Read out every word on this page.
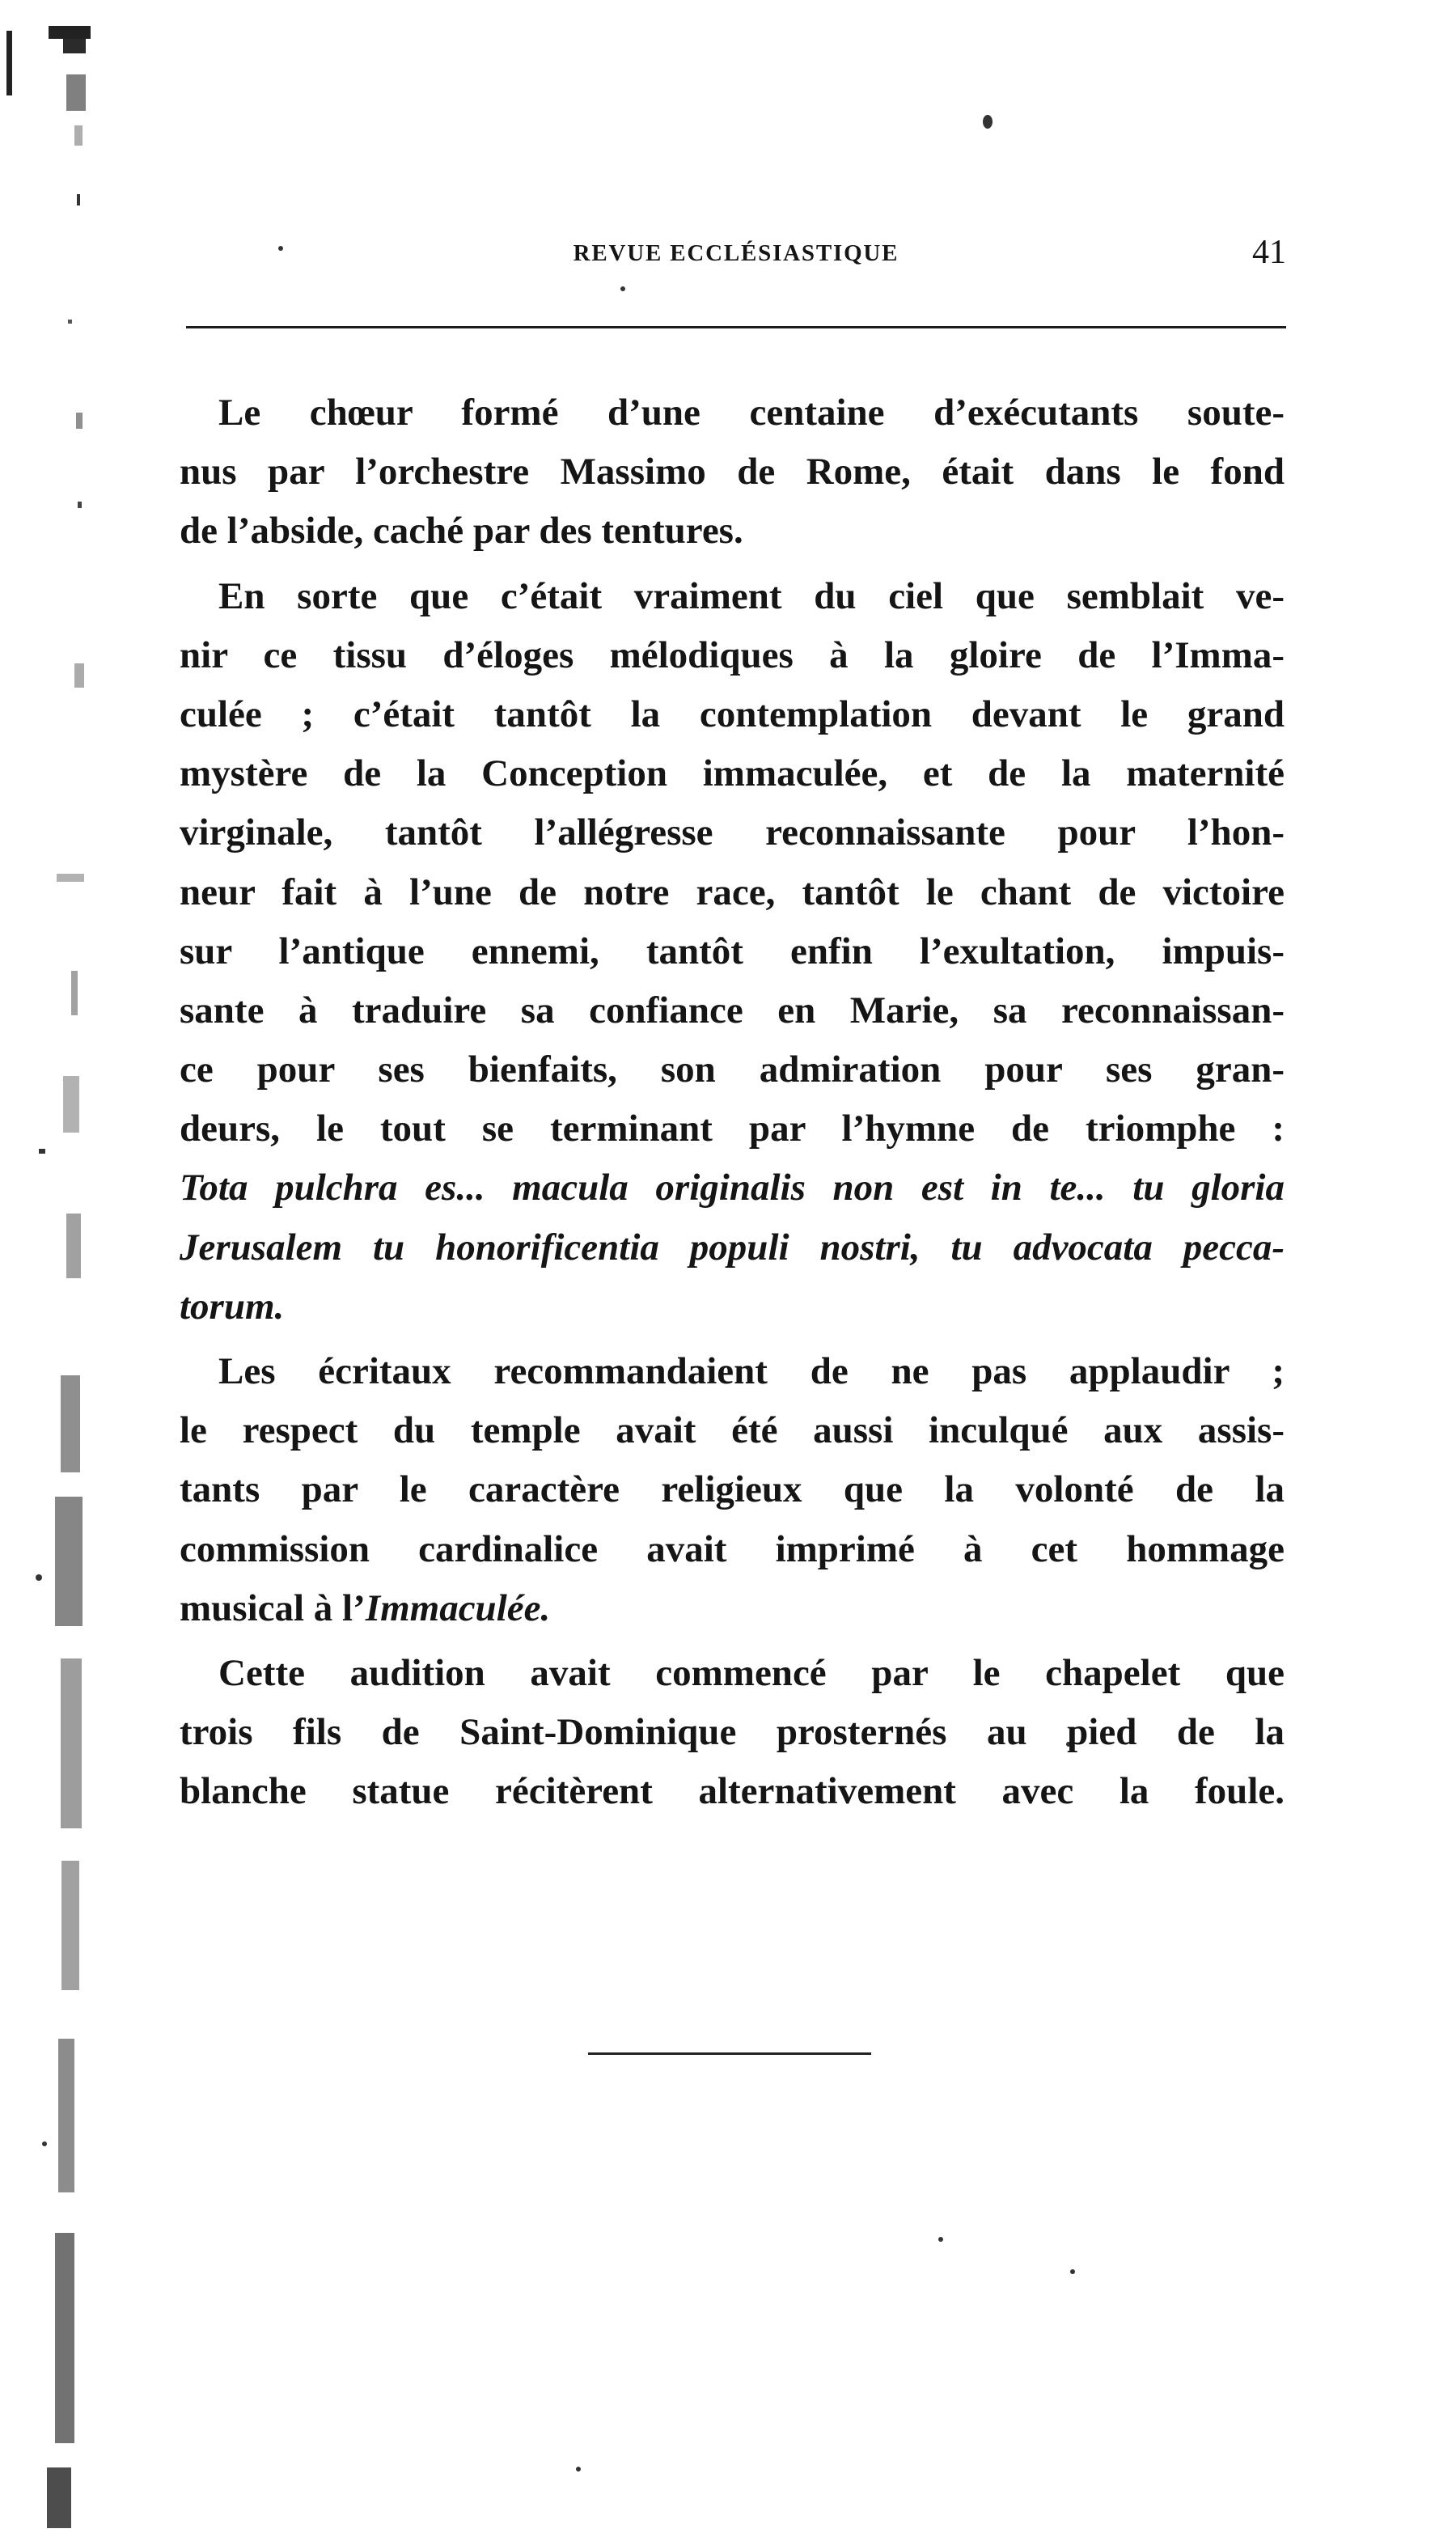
REVUE ECCLÉSIASTIQUE	41
Le chœur formé d’une centaine d’exécutants soute-
nus par l’orchestre Massimo de Rome, était dans le fond
de l’abside, caché par des tentures.
En sorte que c’était vraiment du ciel que semblait ve-
nir ce tissu d’éloges mélodiques à la gloire de l’Imma-
culée ; c’était tantôt la contemplation devant le grand
mystère de la Conception immaculée, et de la maternité
virginale, tantôt l’allégresse reconnaissante pour l’hon-
neur fait à l’une de notre race, tantôt le chant de victoire
sur l’antique ennemi, tantôt enfin l’exultation, impuis-
sante à traduire sa confiance en Marie, sa reconnaissan-
ce pour ses bienfaits, son admiration pour ses gran-
deurs, le tout se terminant par l’hymne de triomphe :
Tota pulchra es... macula originalis non est in te... tu gloria
Jerusalem tu honorificentia populi nostri, tu advocata pecca-
torum.
Les écritaux recommandaient de ne pas applaudir ;
le respect du temple avait été aussi inculqué aux assis-
tants par le caractère religieux que la volonté de la
commission cardinalice avait imprimé à cet hommage
musical à l’Immaculée.
Cette audition avait commencé par le chapelet que
trois fils de Saint-Dominique prosternés au pied de la
blanche statue récitèrent alternativement avec la foule.
